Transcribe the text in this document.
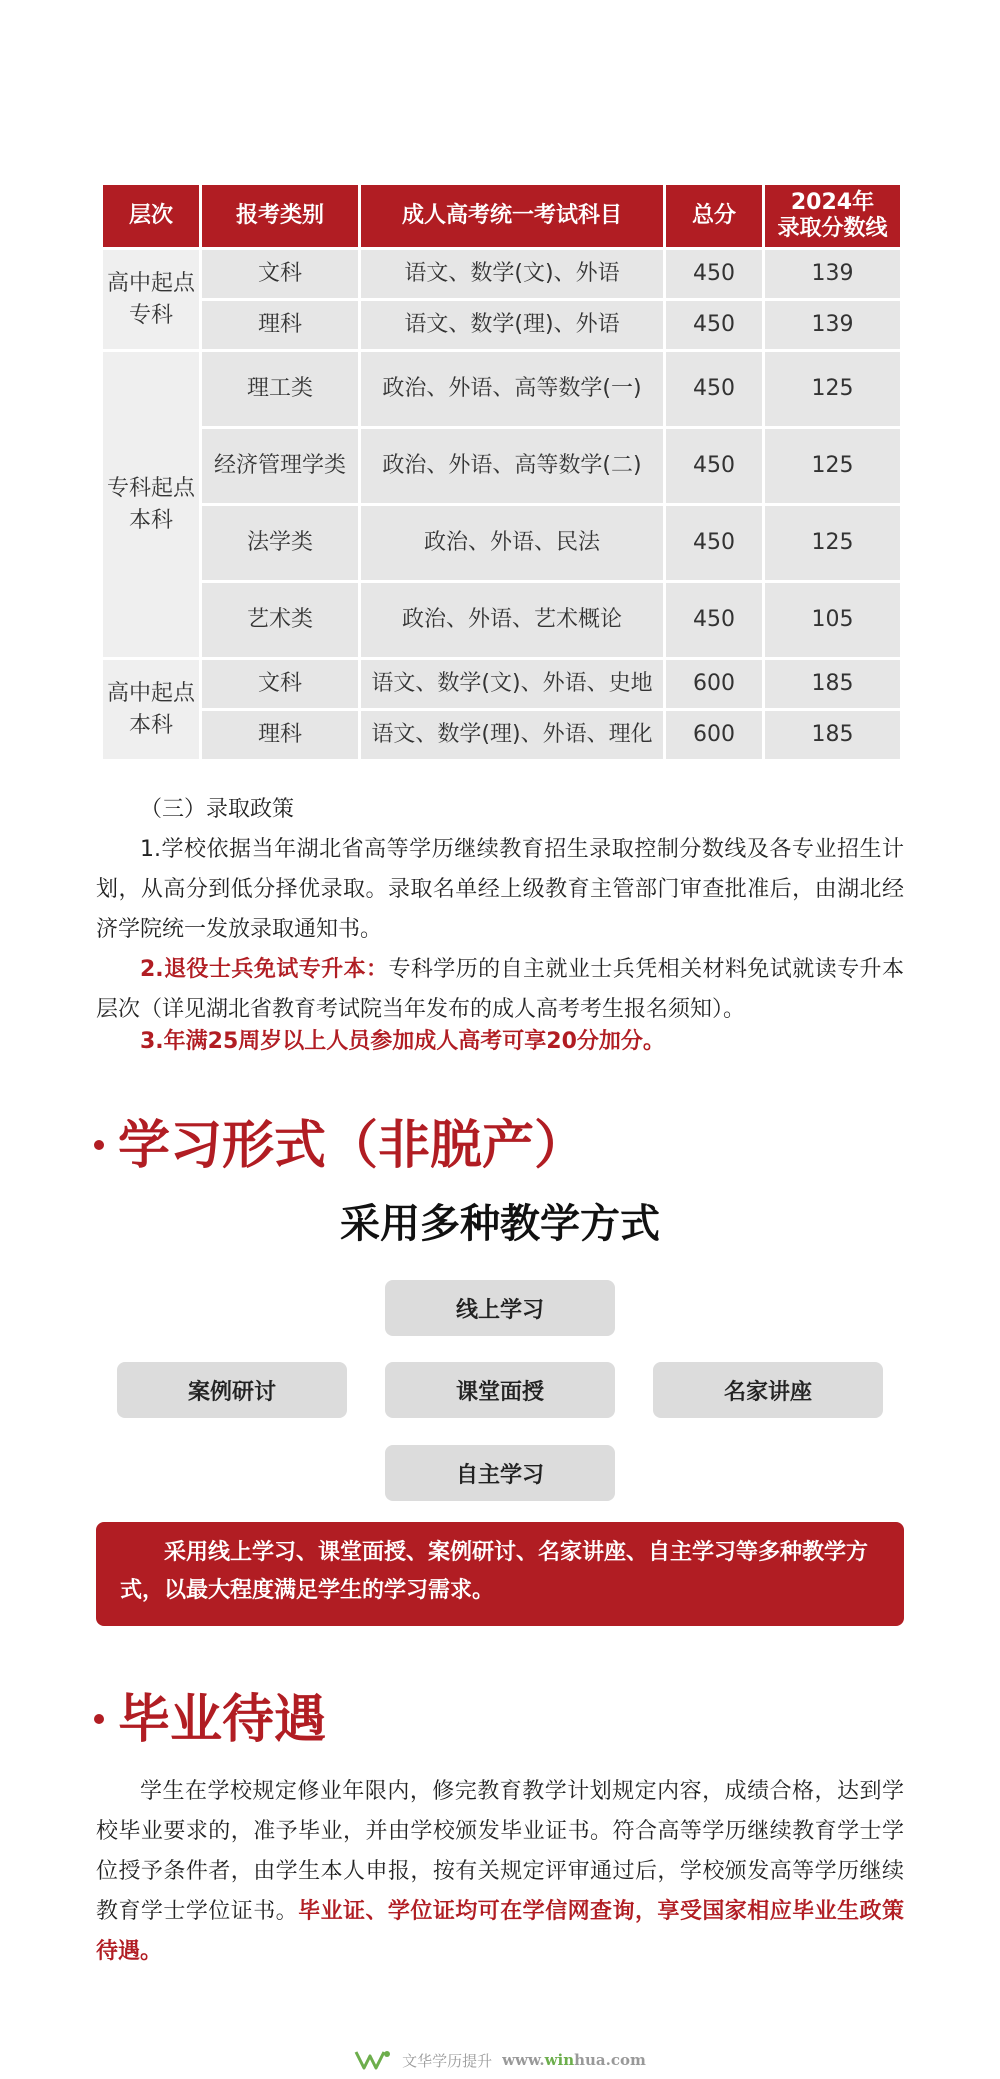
层次	报考类别	成人高考统一考试科目	总分	2024年
录取分数线
高中起点
专科	文科	语文、数学(文)、外语	450	139
	理科	语文、数学(理)、外语	450	139
专科起点
本科	理工类	政治、外语、高等数学(一)	450	125
	经济管理学类	政治、外语、高等数学(二)	450	125
	法学类	政治、外语、民法	450	125
	艺术类	政治、外语、艺术概论	450	105
高中起点
本科	文科	语文、数学(文)、外语、史地	600	185
	理科	语文、数学(理)、外语、理化	600	185
（三）录取政策
1.学校依据当年湖北省高等学历继续教育招生录取控制分数线及各专业招生计划，从高分到低分择优录取。录取名单经上级教育主管部门审查批准后，由湖北经济学院统一发放录取通知书。
2.退役士兵免试专升本：专科学历的自主就业士兵凭相关材料免试就读专升本层次（详见湖北省教育考试院当年发布的成人高考考生报名须知）。
3.年满25周岁以上人员参加成人高考可享20分加分。
学习形式（非脱产）
采用多种教学方式
线上学习
案例研讨	课堂面授	名家讲座
自主学习
采用线上学习、课堂面授、案例研讨、名家讲座、自主学习等多种教学方式，以最大程度满足学生的学习需求。
毕业待遇
学生在学校规定修业年限内，修完教育教学计划规定内容，成绩合格，达到学校毕业要求的，准予毕业，并由学校颁发毕业证书。符合高等学历继续教育学士学位授予条件者，由学生本人申报，按有关规定评审通过后，学校颁发高等学历继续教育学士学位证书。毕业证、学位证均可在学信网查询，享受国家相应毕业生政策待遇。
文华学历提升 www.winhua.com
